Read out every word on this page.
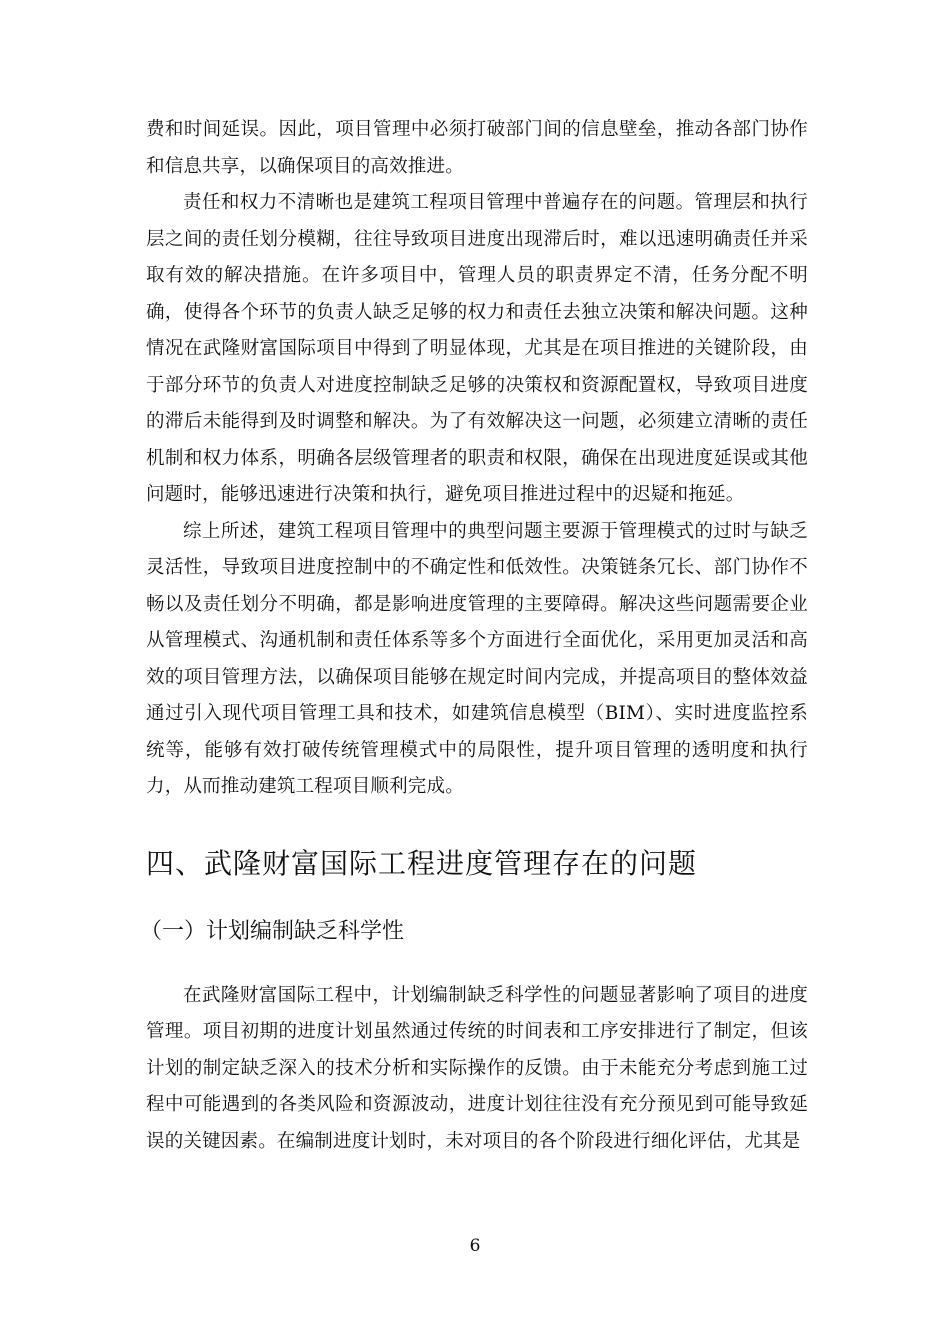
费和时间延误。因此，项目管理中必须打破部门间的信息壁垒，推动各部门协作和信息共享，以确保项目的高效推进。

责任和权力不清晰也是建筑工程项目管理中普遍存在的问题。管理层和执行层之间的责任划分模糊，往往导致项目进度出现滞后时，难以迅速明确责任并采取有效的解决措施。在许多项目中，管理人员的职责界定不清，任务分配不明确，使得各个环节的负责人缺乏足够的权力和责任去独立决策和解决问题。这种情况在武隆财富国际项目中得到了明显体现，尤其是在项目推进的关键阶段，由于部分环节的负责人对进度控制缺乏足够的决策权和资源配置权，导致项目进度的滞后未能得到及时调整和解决。为了有效解决这一问题，必须建立清晰的责任机制和权力体系，明确各层级管理者的职责和权限，确保在出现进度延误或其他问题时，能够迅速进行决策和执行，避免项目推进过程中的迟疑和拖延。

综上所述，建筑工程项目管理中的典型问题主要源于管理模式的过时与缺乏灵活性，导致项目进度控制中的不确定性和低效性。决策链条冗长、部门协作不畅以及责任划分不明确，都是影响进度管理的主要障碍。解决这些问题需要企业从管理模式、沟通机制和责任体系等多个方面进行全面优化，采用更加灵活和高效的项目管理方法，以确保项目能够在规定时间内完成，并提高项目的整体效益通过引入现代项目管理工具和技术，如建筑信息模型（BIM）、实时进度监控系统等，能够有效打破传统管理模式中的局限性，提升项目管理的透明度和执行力，从而推动建筑工程项目顺利完成。

四、武隆财富国际工程进度管理存在的问题
（一）计划编制缺乏科学性

在武隆财富国际工程中，计划编制缺乏科学性的问题显著影响了项目的进度管理。项目初期的进度计划虽然通过传统的时间表和工序安排进行了制定，但该计划的制定缺乏深入的技术分析和实际操作的反馈。由于未能充分考虑到施工过程中可能遇到的各类风险和资源波动，进度计划往往没有充分预见到可能导致延误的关键因素。在编制进度计划时，未对项目的各个阶段进行细化评估，尤其是

6
